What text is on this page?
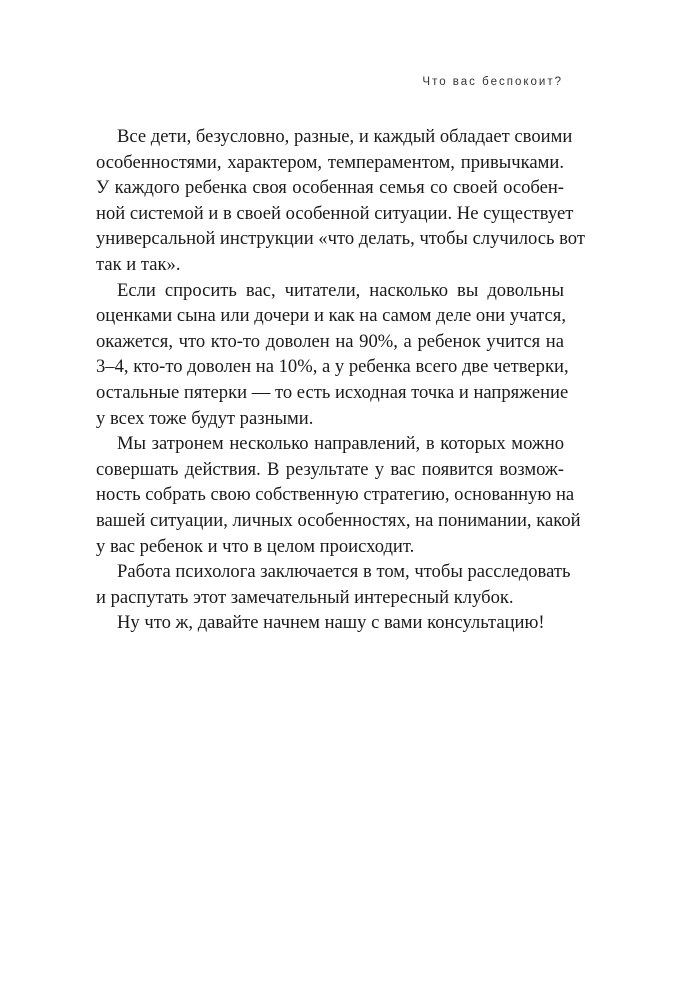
Что вас беспокоит?
Все дети, безусловно, разные, и каждый обладает своими
особенностями, характером, темпераментом, привычками.
У каждого ребенка своя особенная семья со своей особен-
ной системой и в своей особенной ситуации. Не существует
универсальной инструкции «что делать, чтобы случилось вот
так и так».
Если спросить вас, читатели, насколько вы довольны
оценками сына или дочери и как на самом деле они учатся,
окажется, что кто-то доволен на 90%, а ребенок учится на
3–4, кто-то доволен на 10%, а у ребенка всего две четверки,
остальные пятерки — то есть исходная точка и напряжение
у всех тоже будут разными.
Мы затронем несколько направлений, в которых можно
совершать действия. В результате у вас появится возмож-
ность собрать свою собственную стратегию, основанную на
вашей ситуации, личных особенностях, на понимании, какой
у вас ребенок и что в целом происходит.
Работа психолога заключается в том, чтобы расследовать
и распутать этот замечательный интересный клубок.
Ну что ж, давайте начнем нашу с вами консультацию!
